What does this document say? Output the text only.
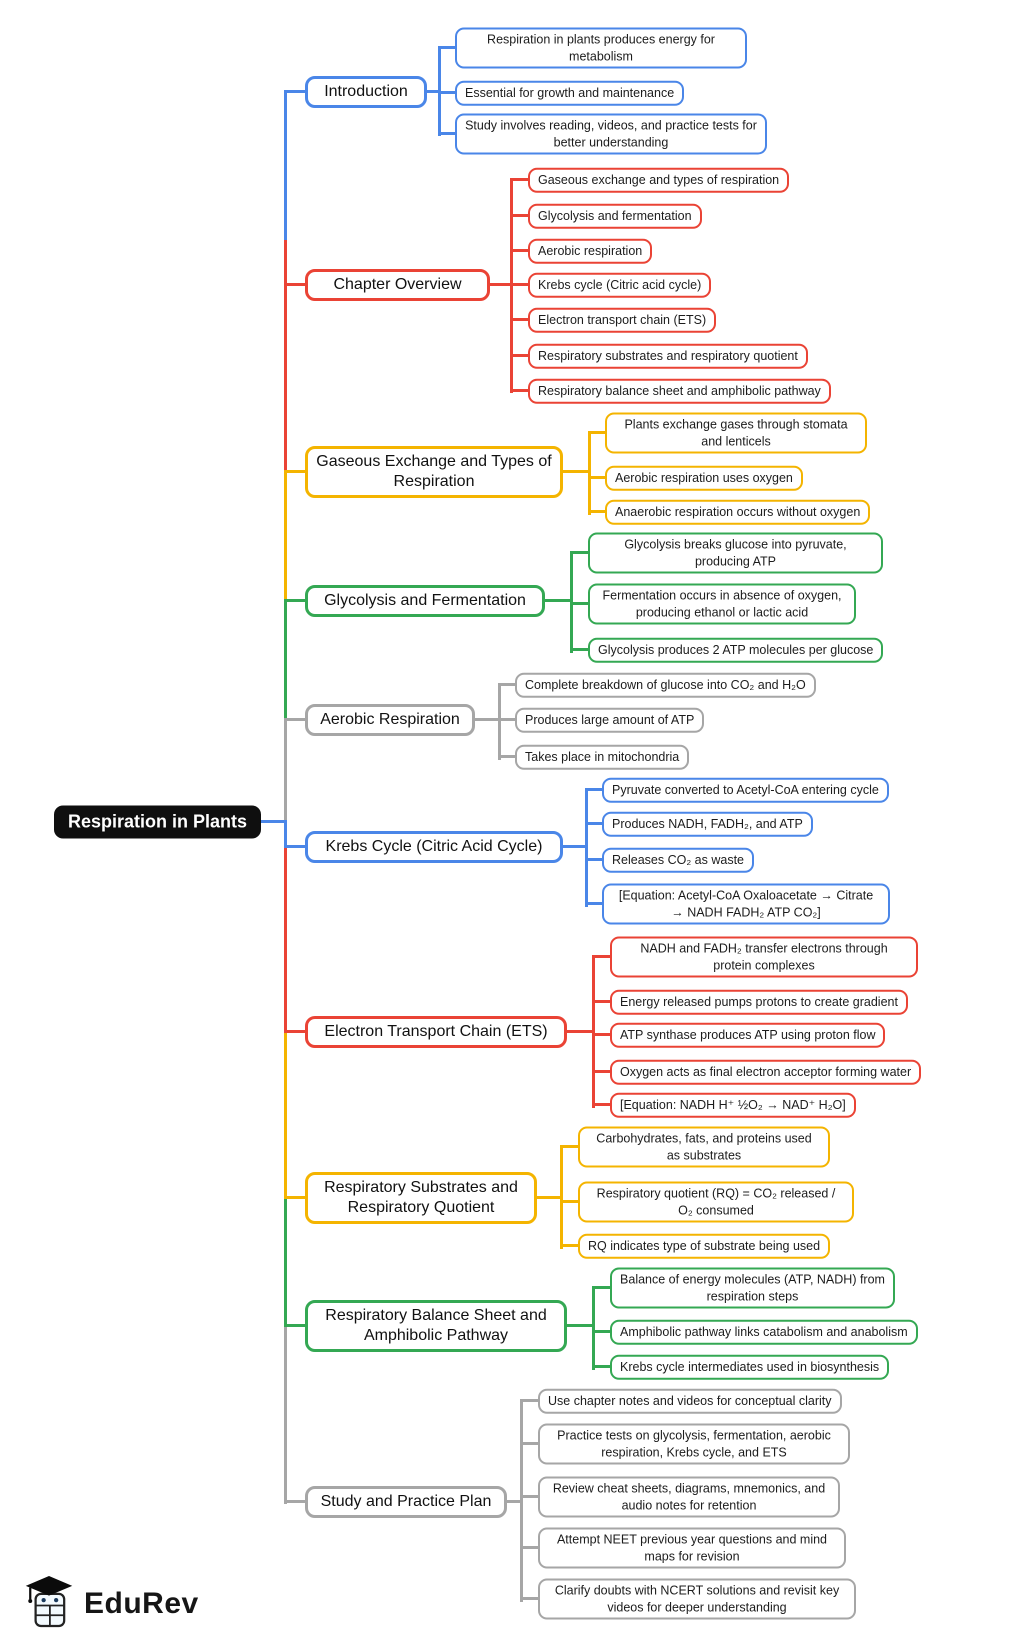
Respiration in Plants
Introduction
Respiration in plants produces energy for metabolism
Essential for growth and maintenance
Study involves reading, videos, and practice tests for better understanding
Chapter Overview
Gaseous exchange and types of respiration
Glycolysis and fermentation
Aerobic respiration
Krebs cycle (Citric acid cycle)
Electron transport chain (ETS)
Respiratory substrates and respiratory quotient
Respiratory balance sheet and amphibolic pathway
Gaseous Exchange and Types of Respiration
Plants exchange gases through stomata and lenticels
Aerobic respiration uses oxygen
Anaerobic respiration occurs without oxygen
Glycolysis and Fermentation
Glycolysis breaks glucose into pyruvate, producing ATP
Fermentation occurs in absence of oxygen, producing ethanol or lactic acid
Glycolysis produces 2 ATP molecules per glucose
Aerobic Respiration
Complete breakdown of glucose into CO₂ and H₂O
Produces large amount of ATP
Takes place in mitochondria
Krebs Cycle (Citric Acid Cycle)
Pyruvate converted to Acetyl-CoA entering cycle
Produces NADH, FADH₂, and ATP
Releases CO₂ as waste
[Equation: Acetyl-CoA Oxaloacetate → Citrate → NADH FADH₂ ATP CO₂]
Electron Transport Chain (ETS)
NADH and FADH₂ transfer electrons through protein complexes
Energy released pumps protons to create gradient
ATP synthase produces ATP using proton flow
Oxygen acts as final electron acceptor forming water
[Equation: NADH H⁺ ½O₂ → NAD⁺ H₂O]
Respiratory Substrates and Respiratory Quotient
Carbohydrates, fats, and proteins used as substrates
Respiratory quotient (RQ) = CO₂ released / O₂ consumed
RQ indicates type of substrate being used
Respiratory Balance Sheet and Amphibolic Pathway
Balance of energy molecules (ATP, NADH) from respiration steps
Amphibolic pathway links catabolism and anabolism
Krebs cycle intermediates used in biosynthesis
Study and Practice Plan
Use chapter notes and videos for conceptual clarity
Practice tests on glycolysis, fermentation, aerobic respiration, Krebs cycle, and ETS
Review cheat sheets, diagrams, mnemonics, and audio notes for retention
Attempt NEET previous year questions and mind maps for revision
Clarify doubts with NCERT solutions and revisit key videos for deeper understanding
EduRev
